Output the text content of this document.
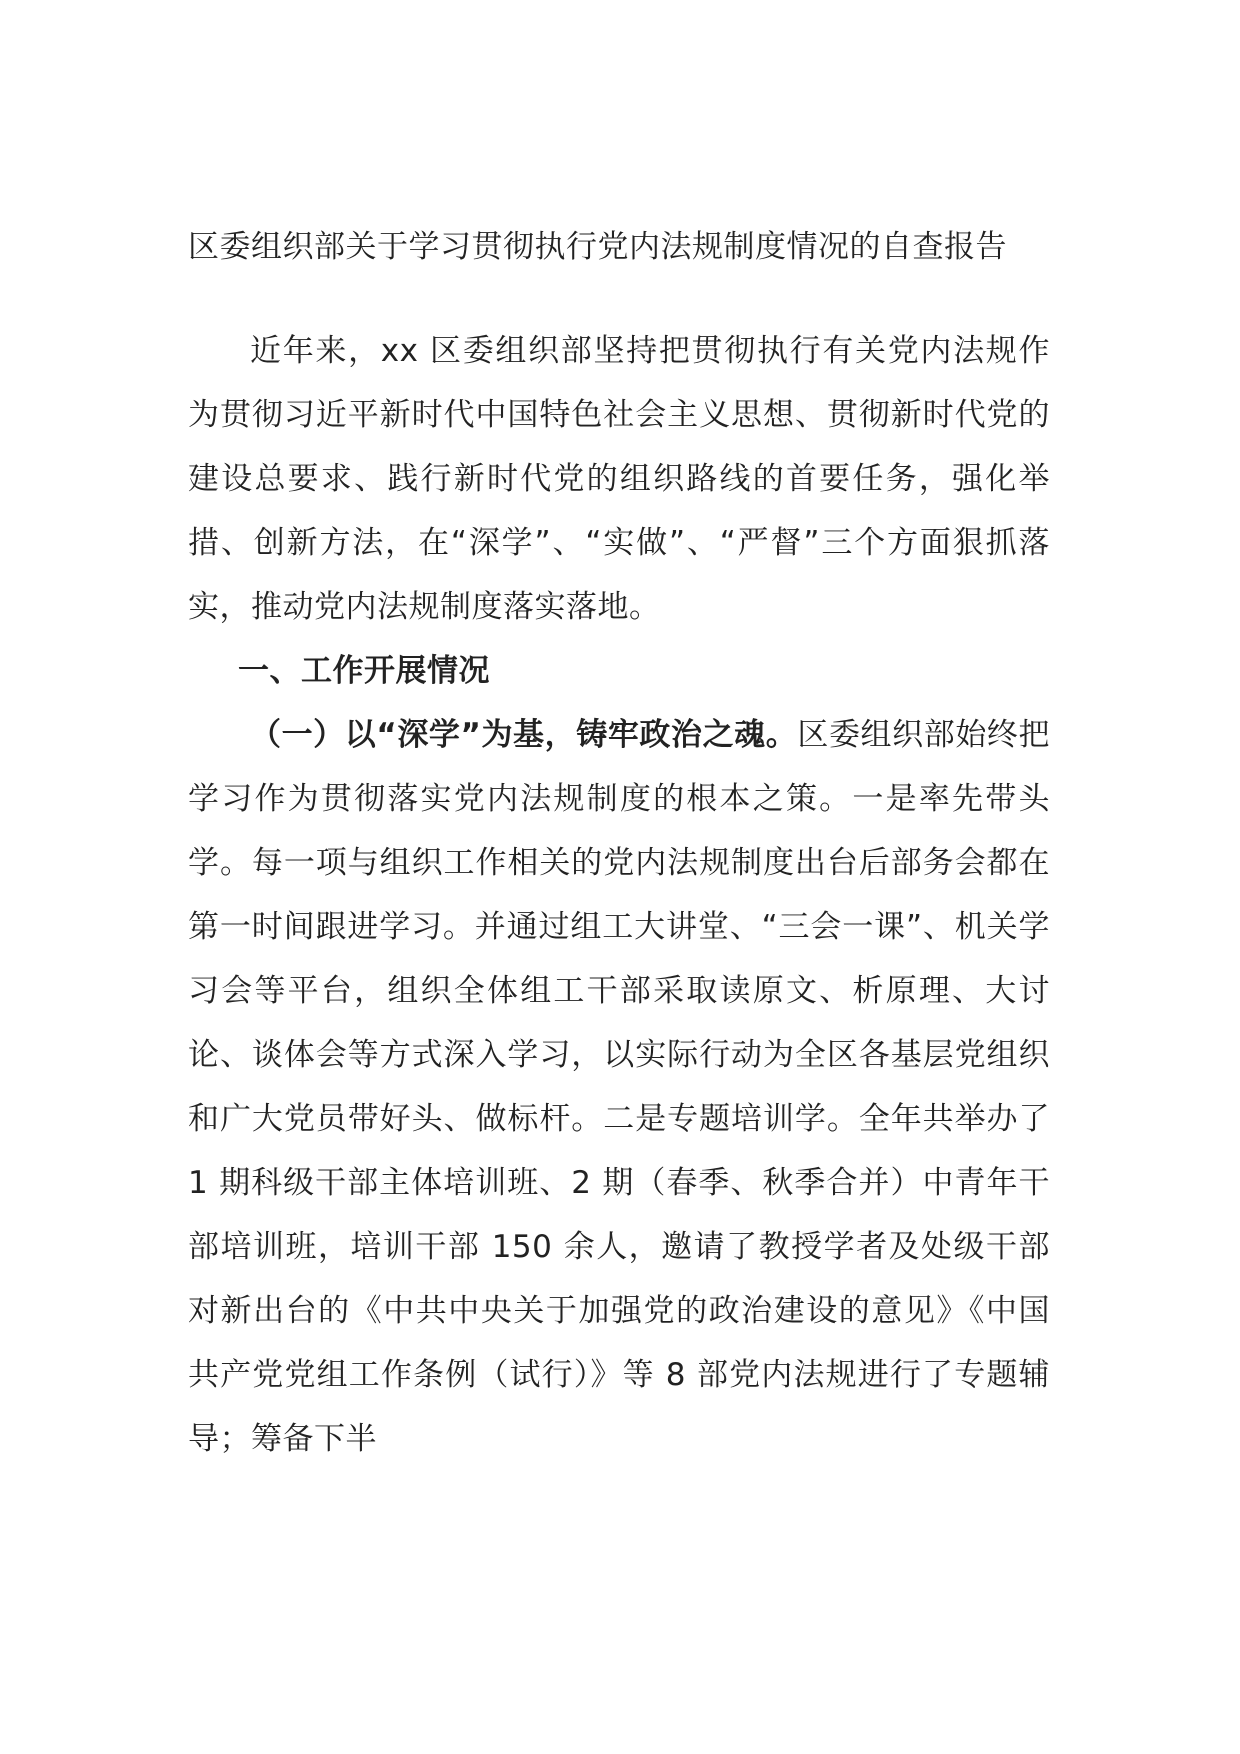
区委组织部关于学习贯彻执行党内法规制度情况的自查报告

近年来，xx 区委组织部坚持把贯彻执行有关党内法规作为贯彻习近平新时代中国特色社会主义思想、贯彻新时代党的建设总要求、践行新时代党的组织路线的首要任务，强化举措、创新方法，在“深学”、“实做”、“严督”三个方面狠抓落实，推动党内法规制度落实落地。

一、工作开展情况

（一）以“深学”为基，铸牢政治之魂。区委组织部始终把学习作为贯彻落实党内法规制度的根本之策。一是率先带头学。每一项与组织工作相关的党内法规制度出台后部务会都在第一时间跟进学习。并通过组工大讲堂、“三会一课”、机关学习会等平台，组织全体组工干部采取读原文、析原理、大讨论、谈体会等方式深入学习，以实际行动为全区各基层党组织和广大党员带好头、做标杆。二是专题培训学。全年共举办了 1 期科级干部主体培训班、2 期（春季、秋季合并）中青年干部培训班，培训干部 150 余人，邀请了教授学者及处级干部对新出台的《中共中央关于加强党的政治建设的意见》《中国共产党党组工作条例（试行）》等 8 部党内法规进行了专题辅导；筹备下半
